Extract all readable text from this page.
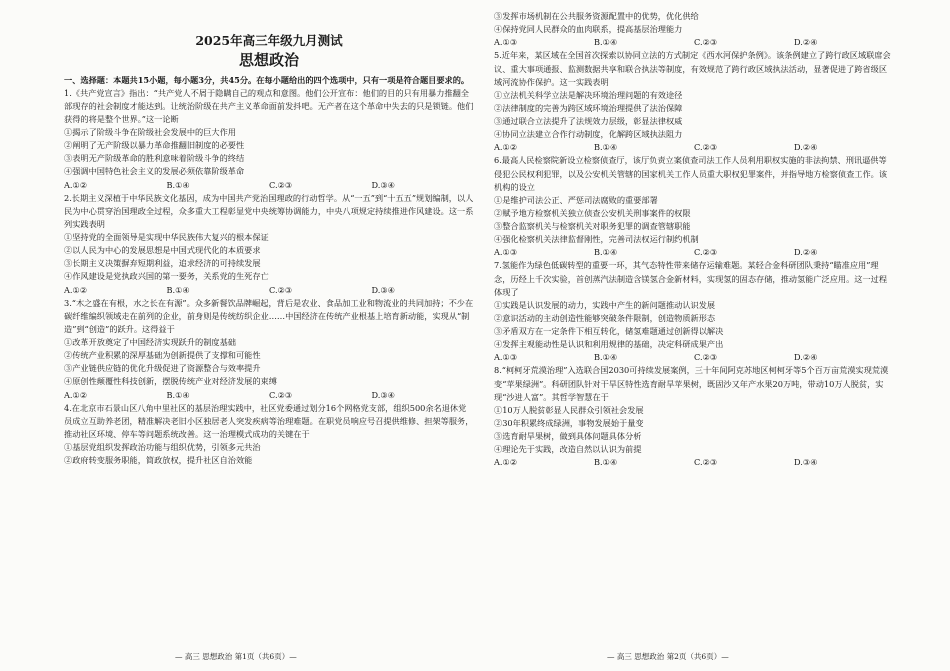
2025年高三年级九月测试
思想政治
一、选择题：本题共15小题，每小题3分，共45分。在每小题给出的四个选项中，只有一项是符合题目要求的。
1.《共产党宣言》指出：“共产党人不屑于隐瞒自己的观点和意图。他们公开宣布：他们的目的只有用暴力推翻全部现存的社会制度才能达到。让统治阶级在共产主义革命面前发抖吧。无产者在这个革命中失去的只是锁链。他们获得的将是整个世界。”这一论断
①揭示了阶级斗争在阶级社会发展中的巨大作用
②阐明了无产阶级以暴力革命推翻旧制度的必要性
③表明无产阶级革命的胜利意味着阶级斗争的终结
④强调中国特色社会主义的发展必须依靠阶级革命
A.①②	B.①④	C.②③	D.③④
2.长期主义深植于中华民族文化基因，成为中国共产党治国理政的行动哲学。从“一五”到“十五五”规划编制，以人民为中心贯穿治国理政全过程，众多重大工程彰显党中央统筹协调能力，中央八项规定持续推进作风建设。这一系列实践表明
①坚持党的全面领导是实现中华民族伟大复兴的根本保证
②以人民为中心的发展思想是中国式现代化的本质要求
③长期主义决策摒弃短期利益，追求经济的可持续发展
④作风建设是党执政兴国的第一要务，关系党的生死存亡
A.①②	B.①④	C.②③	D.③④
3.“木之盛在有根，水之长在有源”。众多新餐饮品牌崛起，背后是农业、食品加工业和物流业的共同加持；不少在碳纤维编织领域走在前列的企业，前身则是传统纺织企业……中国经济在传统产业根基上培育新动能，实现从“制造”到“创造”的跃升。这得益于
①改革开放奠定了中国经济实现跃升的制度基础
②传统产业积累的深厚基础为创新提供了支撑和可能性
③产业链供应链的优化升级促进了资源整合与效率提升
④原创性颠覆性科技创新，摆脱传统产业对经济发展的束缚
A.①②	B.①④	C.②③	D.③④
4.在北京市石景山区八角中里社区的基层治理实践中，社区党委通过划分16个网格党支部，组织500余名退休党员成立互助养老团，精准解决老旧小区独居老人突发疾病等治理难题。在职党员响应号召提供维修、担架等服务，推动社区环境、停车等问题系统改善。这一治理模式成功的关键在于
①基层党组织发挥政治功能与组织优势，引领多元共治
②政府转变服务职能，简政放权，提升社区自治效能
③发挥市场机制在公共服务资源配置中的优势，优化供给
④保持党同人民群众的血肉联系，提高基层治理能力
A.①③	B.①④	C.②③	D.②④
5.近年来，某区域在全国首次探索以协同立法的方式制定《西水河保护条例》。该条例建立了跨行政区域联席会议、重大事项通报、监测数据共享和联合执法等制度，有效规范了跨行政区域执法活动，显著促进了跨省级区域河流协作保护。这一实践表明
①立法机关科学立法是解决环境治理问题的有效途径
②法律制度的完善为跨区域环境治理提供了法治保障
③通过联合立法提升了法规效力层级，彰显法律权威
④协同立法建立合作行动制度，化解跨区域执法阻力
A.①②	B.①④	C.②③	D.②④
6.最高人民检察院新设立检察侦查厅，该厅负责立案侦查司法工作人员利用职权实施的非法拘禁、刑讯逼供等侵犯公民权利犯罪，以及公安机关管辖的国家机关工作人员重大职权犯罪案件，并指导地方检察侦查工作。该机构的设立
①是维护司法公正、严惩司法腐败的重要部署
②赋予地方检察机关独立侦查公安机关刑事案件的权限
③整合监察机关与检察机关对职务犯罪的调查管辖职能
④强化检察机关法律监督刚性，完善司法权运行制约机制
A.①③	B.①④	C.②③	D.②④
7.氢能作为绿色低碳转型的重要一环，其气态特性带来储存运输难题。某轻合金科研团队秉持“瞄准应用”理念，历经上千次实验，首创蒸汽法制造含镁氢合金新材料，实现氢的固态存储，推动氢能广泛应用。这一过程体现了
①实践是认识发展的动力，实践中产生的新问题推动认识发展
②意识活动的主动创造性能够突破条件限制，创造物质新形态
③矛盾双方在一定条件下相互转化，储氢难题通过创新得以解决
④发挥主观能动性是认识和利用规律的基础，决定科研成果产出
A.①③	B.①④	C.②③	D.②④
8.“柯柯牙荒漠治理”入选联合国2030可持续发展案例，三十年间阿克苏地区柯柯牙等5个百万亩荒漠实现荒漠变“苹果绿洲”。科研团队针对干旱区特性选育耐旱苹果树，既固沙又年产水果20万吨，带动10万人脱贫，实现“沙进人富”。其哲学智慧在于
①10万人脱贫彰显人民群众引领社会发展
②30年积累终成绿洲，事物发展始于量变
③选育耐旱果树，做到具体问题具体分析
④理论先于实践，改造自然以认识为前提
A.①②	B.①④	C.②③	D.③④
— 高三 思想政治 第1页（共6页）—	— 高三 思想政治 第2页（共6页）—
